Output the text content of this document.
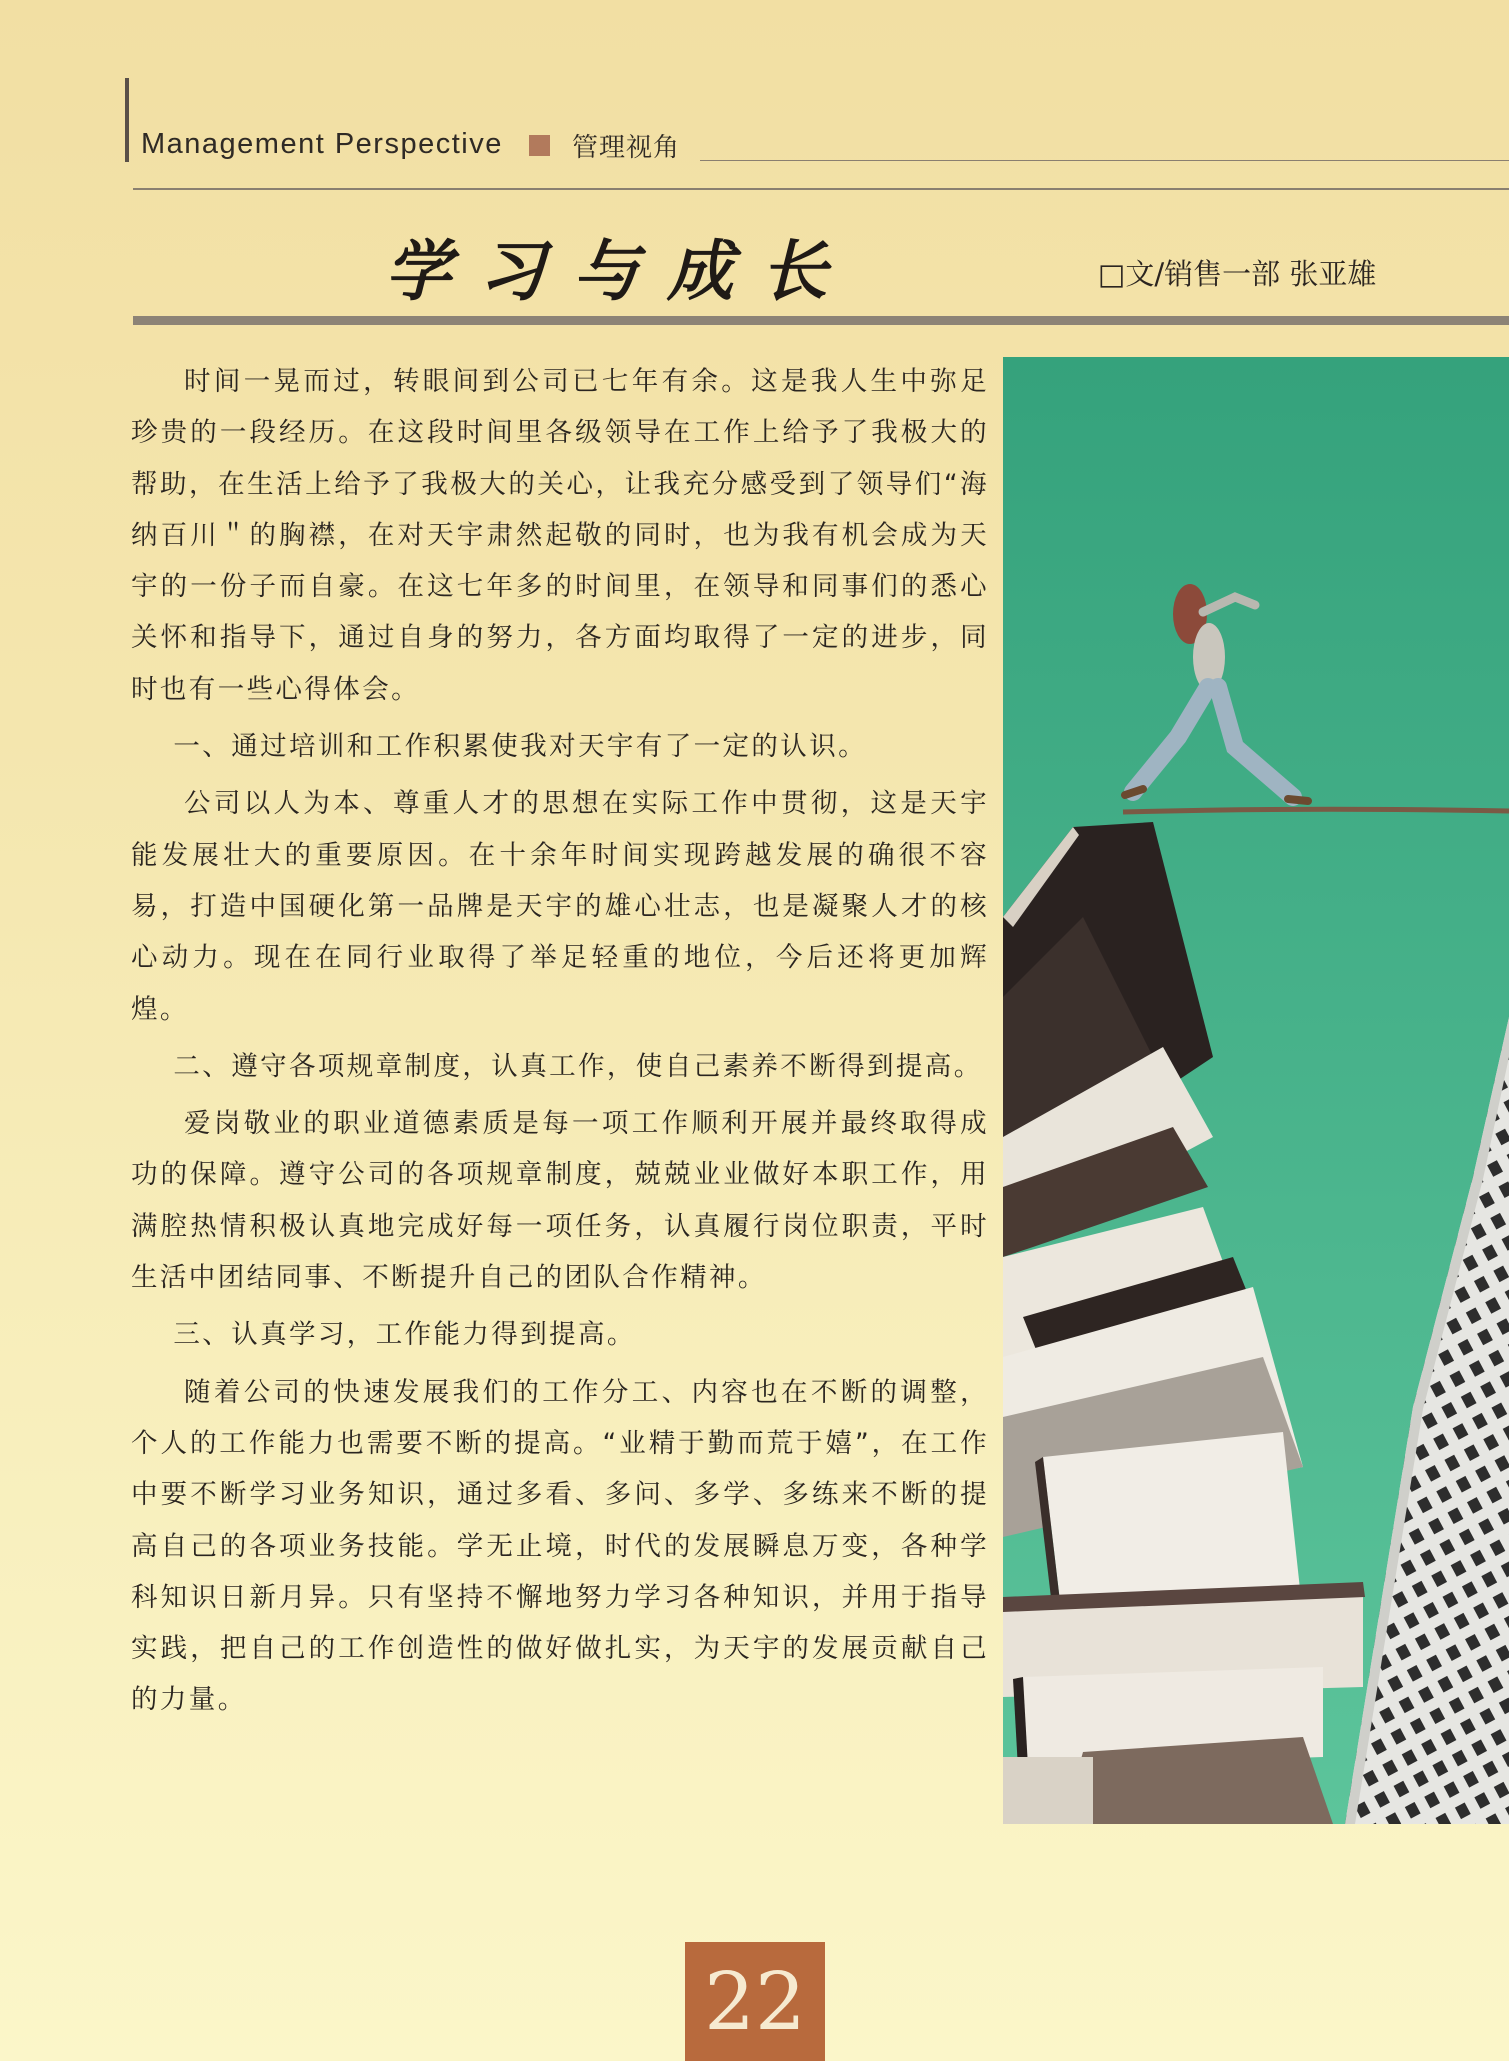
Management Perspective	管理视角
学习与成长	□文/销售一部 张亚雄

时间一晃而过，转眼间到公司已七年有余。这是我人生中弥足珍贵的一段经历。在这段时间里各级领导在工作上给予了我极大的帮助，在生活上给予了我极大的关心，让我充分感受到了领导们“海纳百川＂的胸襟，在对天宇肃然起敬的同时，也为我有机会成为天宇的一份子而自豪。在这七年多的时间里，在领导和同事们的悉心关怀和指导下，通过自身的努力，各方面均取得了一定的进步，同时也有一些心得体会。

一、通过培训和工作积累使我对天宇有了一定的认识。

公司以人为本、尊重人才的思想在实际工作中贯彻，这是天宇能发展壮大的重要原因。在十余年时间实现跨越发展的确很不容易，打造中国硬化第一品牌是天宇的雄心壮志，也是凝聚人才的核心动力。现在在同行业取得了举足轻重的地位，今后还将更加辉煌。

二、遵守各项规章制度，认真工作，使自己素养不断得到提高。

爱岗敬业的职业道德素质是每一项工作顺利开展并最终取得成功的保障。遵守公司的各项规章制度，兢兢业业做好本职工作，用满腔热情积极认真地完成好每一项任务，认真履行岗位职责，平时生活中团结同事、不断提升自己的团队合作精神。

三、认真学习，工作能力得到提高。

随着公司的快速发展我们的工作分工、内容也在不断的调整，个人的工作能力也需要不断的提高。“业精于勤而荒于嬉”，在工作中要不断学习业务知识，通过多看、多问、多学、多练来不断的提高自己的各项业务技能。学无止境，时代的发展瞬息万变，各种学科知识日新月异。只有坚持不懈地努力学习各种知识，并用于指导实践，把自己的工作创造性的做好做扎实，为天宇的发展贡献自己的力量。

22
